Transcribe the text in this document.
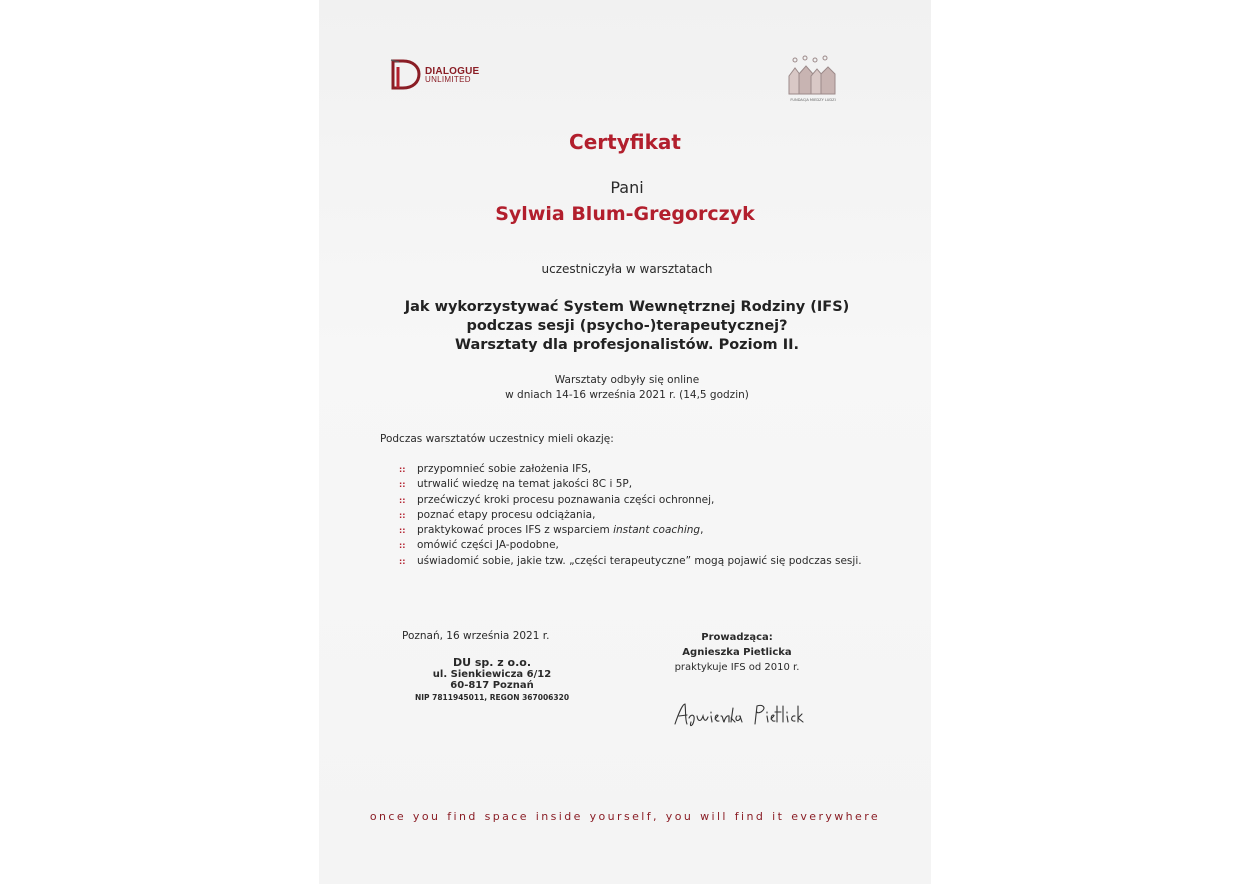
DIALOGUE
UNLIMITED
FUNDACJA MIEDZY LUDZI
Certyfikat
Pani
Sylwia Blum-Gregorczyk
uczestniczyła w warsztatach
Jak wykorzystywać System Wewnętrznej Rodziny (IFS)
podczas sesji (psycho-)terapeutycznej?
Warsztaty dla profesjonalistów. Poziom II.
Warsztaty odbyły się online
w dniach 14-16 września 2021 r. (14,5 godzin)
Podczas warsztatów uczestnicy mieli okazję:
:: przypomnieć sobie założenia IFS,
:: utrwalić wiedzę na temat jakości 8C i 5P,
:: przećwiczyć kroki procesu poznawania części ochronnej,
:: poznać etapy procesu odciążania,
:: praktykować proces IFS z wsparciem instant coaching,
:: omówić części JA-podobne,
:: uświadomić sobie, jakie tzw. „części terapeutyczne” mogą pojawić się podczas sesji.
Poznań, 16 września 2021 r.
DU sp. z o.o.
ul. Sienkiewicza 6/12
60-817 Poznań
NIP 7811945011, REGON 367006320
Prowadząca:
Agnieszka Pietlicka
praktykuje IFS od 2010 r.
once you find space inside yourself, you will find it everywhere
